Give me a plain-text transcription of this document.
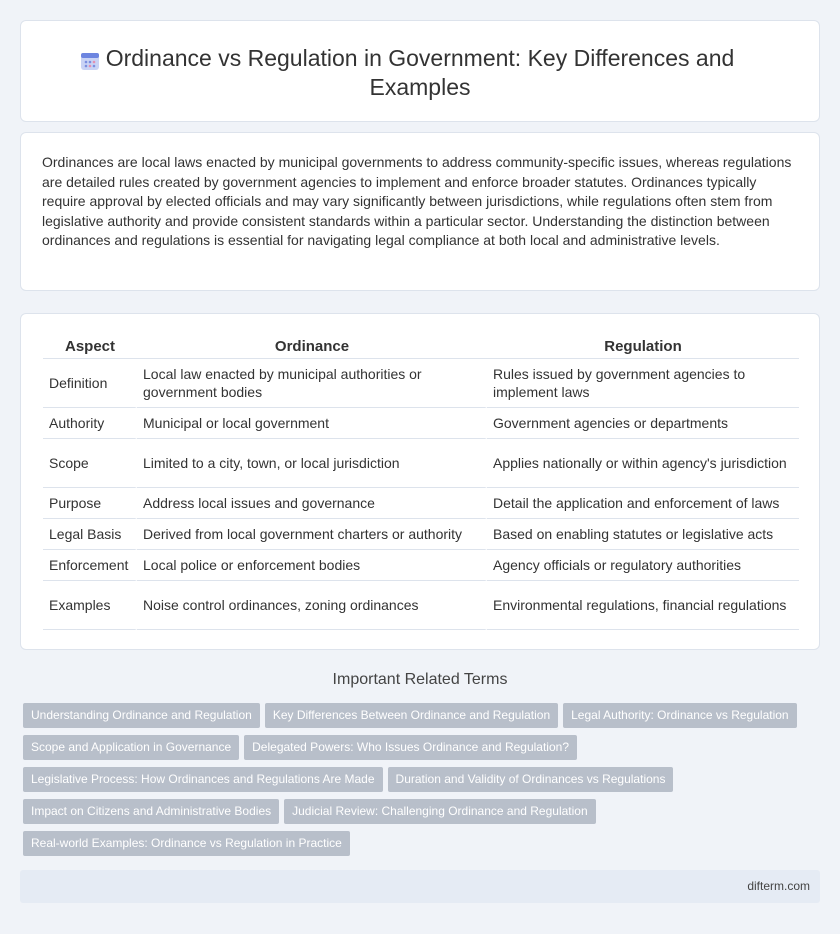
Ordinance vs Regulation in Government: Key Differences and Examples

Ordinances are local laws enacted by municipal governments to address community-specific issues, whereas regulations are detailed rules created by government agencies to implement and enforce broader statutes. Ordinances typically require approval by elected officials and may vary significantly between jurisdictions, while regulations often stem from legislative authority and provide consistent standards within a particular sector. Understanding the distinction between ordinances and regulations is essential for navigating legal compliance at both local and administrative levels.

Aspect	Ordinance	Regulation
Definition	Local law enacted by municipal authorities or government bodies	Rules issued by government agencies to implement laws
Authority	Municipal or local government	Government agencies or departments
Scope	Limited to a city, town, or local jurisdiction	Applies nationally or within agency's jurisdiction
Purpose	Address local issues and governance	Detail the application and enforcement of laws
Legal Basis	Derived from local government charters or authority	Based on enabling statutes or legislative acts
Enforcement	Local police or enforcement bodies	Agency officials or regulatory authorities
Examples	Noise control ordinances, zoning ordinances	Environmental regulations, financial regulations
Important Related Terms
Understanding Ordinance and Regulation Key Differences Between Ordinance and Regulation Legal Authority: Ordinance vs Regulation
Scope and Application in Governance Delegated Powers: Who Issues Ordinance and Regulation?
Legislative Process: How Ordinances and Regulations Are Made Duration and Validity of Ordinances vs Regulations
Impact on Citizens and Administrative Bodies Judicial Review: Challenging Ordinance and Regulation
Real-world Examples: Ordinance vs Regulation in Practice
difterm.com
